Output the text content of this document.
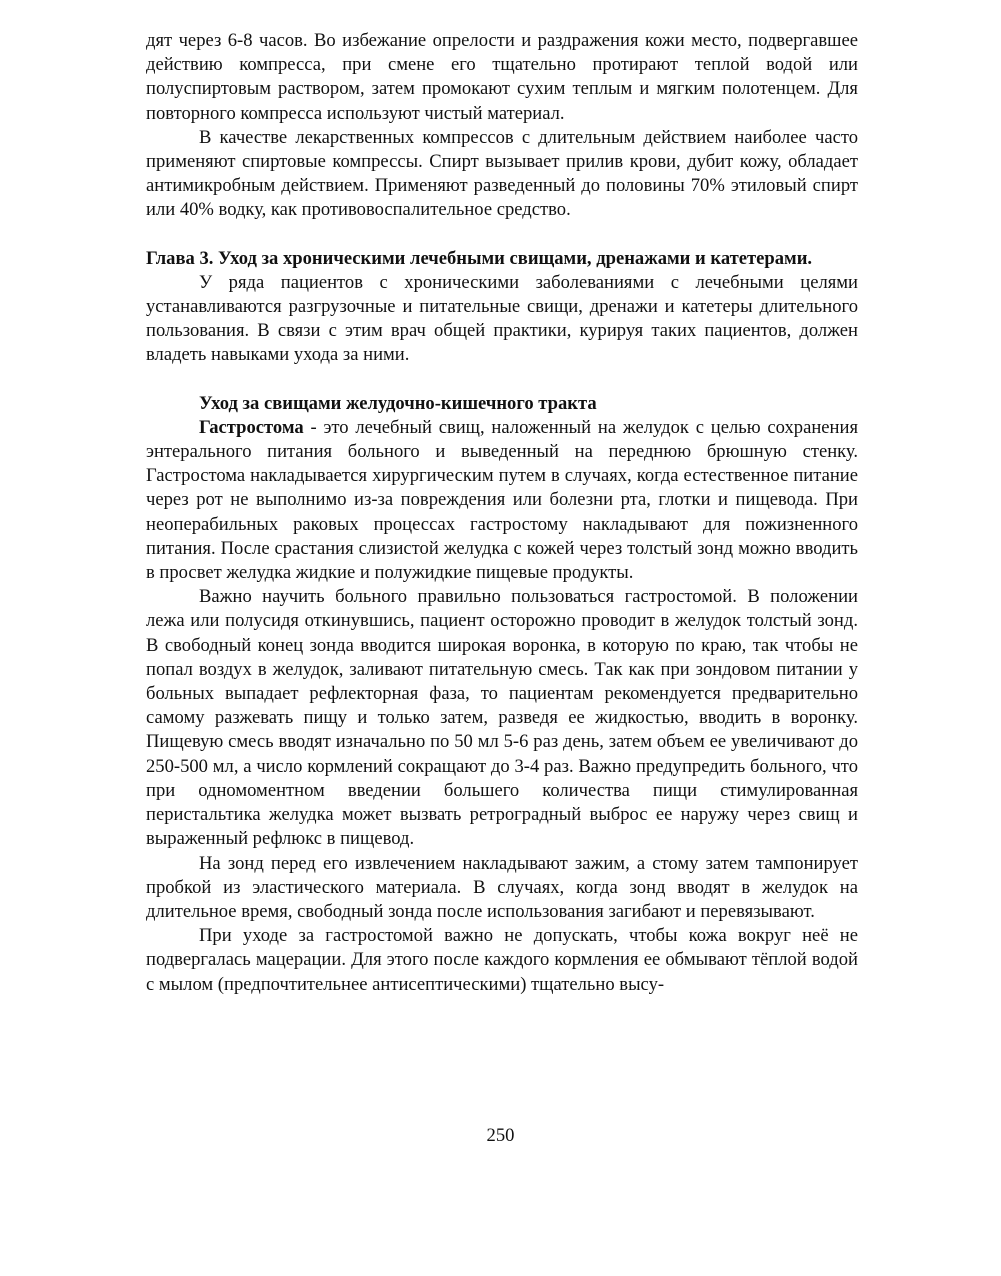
дят через 6-8 часов. Во избежание опрелости и раздражения кожи место, подвергавшее действию компресса, при смене его тщательно протирают теплой водой или полуспиртовым раствором, затем промокают сухим теплым и мягким полотенцем. Для повторного компресса используют чистый материал.

В качестве лекарственных компрессов с длительным действием наиболее часто применяют спиртовые компрессы. Спирт вызывает прилив крови, дубит кожу, обладает антимикробным действием. Применяют разведенный до половины 70% этиловый спирт или 40% водку, как противовоспалительное средство.

Глава 3. Уход за хроническими лечебными свищами, дренажами и катетерами.

У ряда пациентов с хроническими заболеваниями с лечебными целями устанавливаются разгрузочные и питательные свищи, дренажи и катетеры длительного пользования. В связи с этим врач общей практики, курируя таких пациентов, должен владеть навыками ухода за ними.

Уход за свищами желудочно-кишечного тракта

Гастростома - это лечебный свищ, наложенный на желудок с целью сохранения энтерального питания больного и выведенный на переднюю брюшную стенку. Гастростома накладывается хирургическим путем в случаях, когда естественное питание через рот не выполнимо из-за повреждения или болезни рта, глотки и пищевода. При неоперабильных раковых процессах гастростому накладывают для пожизненного питания. После срастания слизистой желудка с кожей через толстый зонд можно вводить в просвет желудка жидкие и полужидкие пищевые продукты.

Важно научить больного правильно пользоваться гастростомой. В положении лежа или полусидя откинувшись, пациент осторожно проводит в желудок толстый зонд. В свободный конец зонда вводится широкая воронка, в которую по краю, так чтобы не попал воздух в желудок, заливают питательную смесь. Так как при зондовом питании у больных выпадает рефлекторная фаза, то пациентам рекомендуется предварительно самому разжевать пищу и только затем, разведя ее жидкостью, вводить в воронку. Пищевую смесь вводят изначально по 50 мл 5-6 раз день, затем объем ее увеличивают до 250-500 мл, а число кормлений сокращают до 3-4 раз. Важно предупредить больного, что при одномоментном введении большего количества пищи стимулированная перистальтика желудка может вызвать ретроградный выброс ее наружу через свищ и выраженный рефлюкс в пищевод.

На зонд перед его извлечением накладывают зажим, а стому затем тампонирует пробкой из эластического материала. В случаях, когда зонд вводят в желудок на длительное время, свободный зонда после использования загибают и перевязывают.

При уходе за гастростомой важно не допускать, чтобы кожа вокруг неё не подвергалась мацерации. Для этого после каждого кормления ее обмывают тёплой водой с мылом (предпочтительнее антисептическими) тщательно высу-

250
